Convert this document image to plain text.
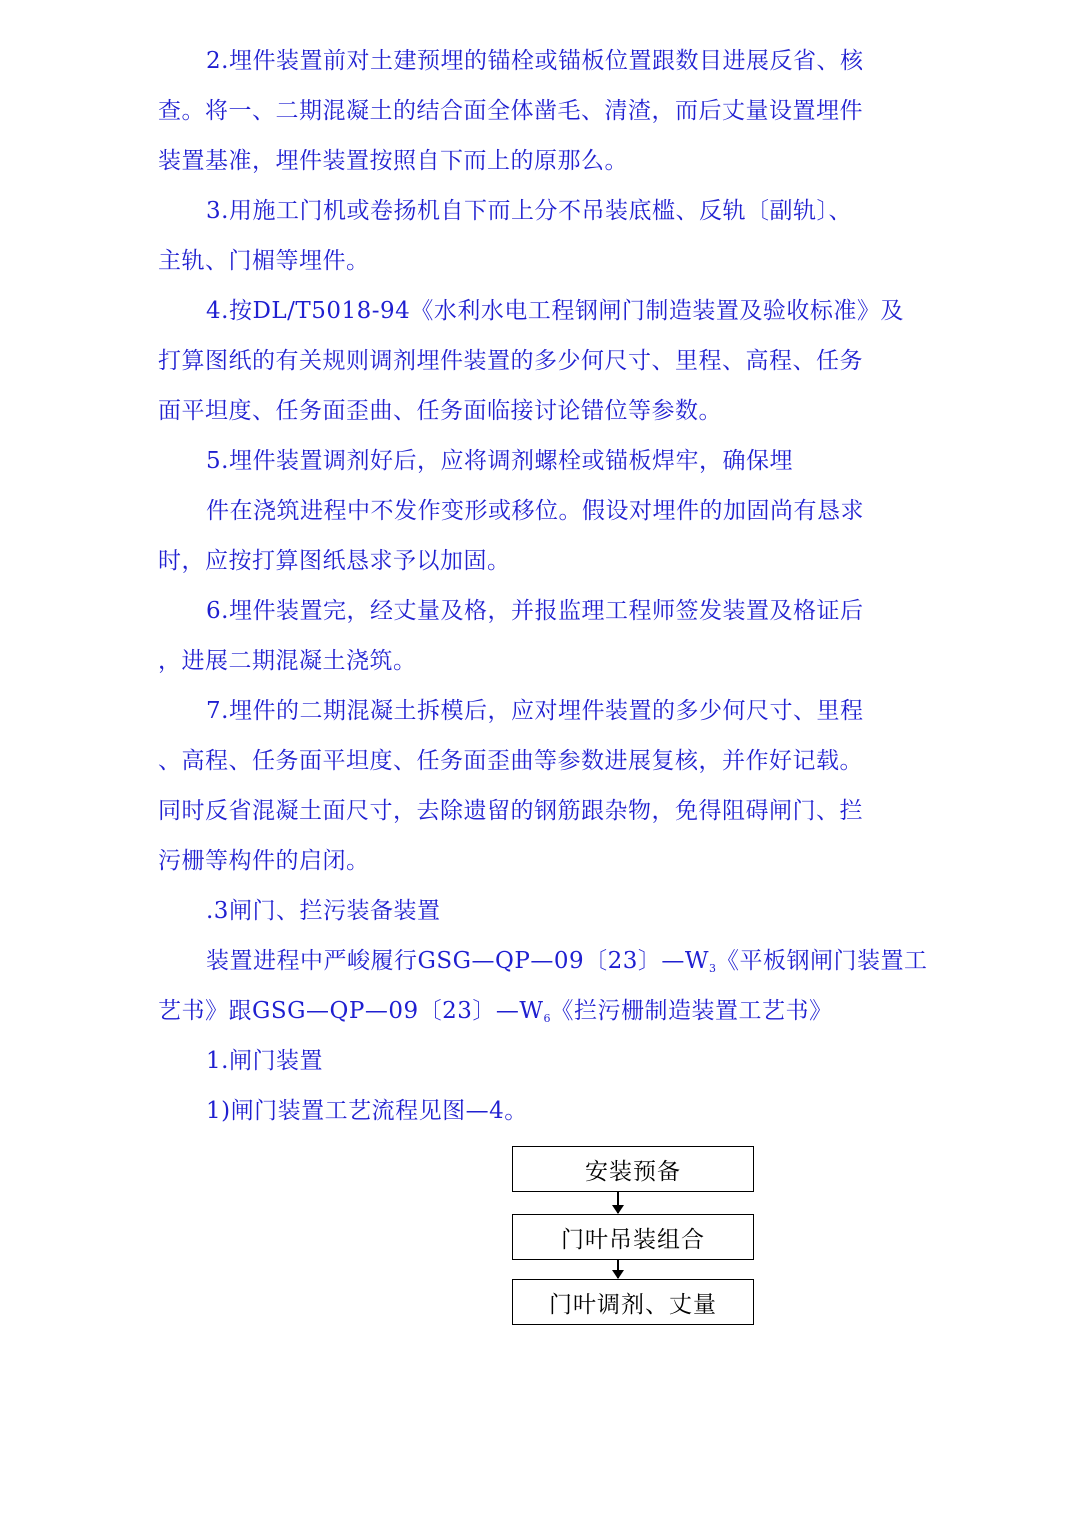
2.埋件装置前对土建预埋的锚栓或锚板位置跟数目进展反省、核
查。将一、二期混凝土的结合面全体凿毛、清渣，而后丈量设置埋件
装置基准，埋件装置按照自下而上的原那么。
3.用施工门机或卷扬机自下而上分不吊装底槛、反轨〔副轨〕、
主轨、门楣等埋件。
4.按DL/T5018-94《水利水电工程钢闸门制造装置及验收标准》及
打算图纸的有关规则调剂埋件装置的多少何尺寸、里程、高程、任务
面平坦度、任务面歪曲、任务面临接讨论错位等参数。
5.埋件装置调剂好后，应将调剂螺栓或锚板焊牢，确保埋
件在浇筑进程中不发作变形或移位。假设对埋件的加固尚有恳求
时，应按打算图纸恳求予以加固。
6.埋件装置完，经丈量及格，并报监理工程师签发装置及格证后
，进展二期混凝土浇筑。
7.埋件的二期混凝土拆模后，应对埋件装置的多少何尺寸、里程
、高程、任务面平坦度、任务面歪曲等参数进展复核，并作好记载。
同时反省混凝土面尺寸，去除遗留的钢筋跟杂物，免得阻碍闸门、拦
污栅等构件的启闭。
.3闸门、拦污装备装置
装置进程中严峻履行GSG—QP—09〔23〕$—W_3$《平板钢闸门装置工
艺书》跟GSG—QP—09〔23〕$—W_6$《拦污栅制造装置工艺书》
1.闸门装置
1)闸门装置工艺流程见图—4。
安装预备
门叶吊装组合
门叶调剂、丈量
